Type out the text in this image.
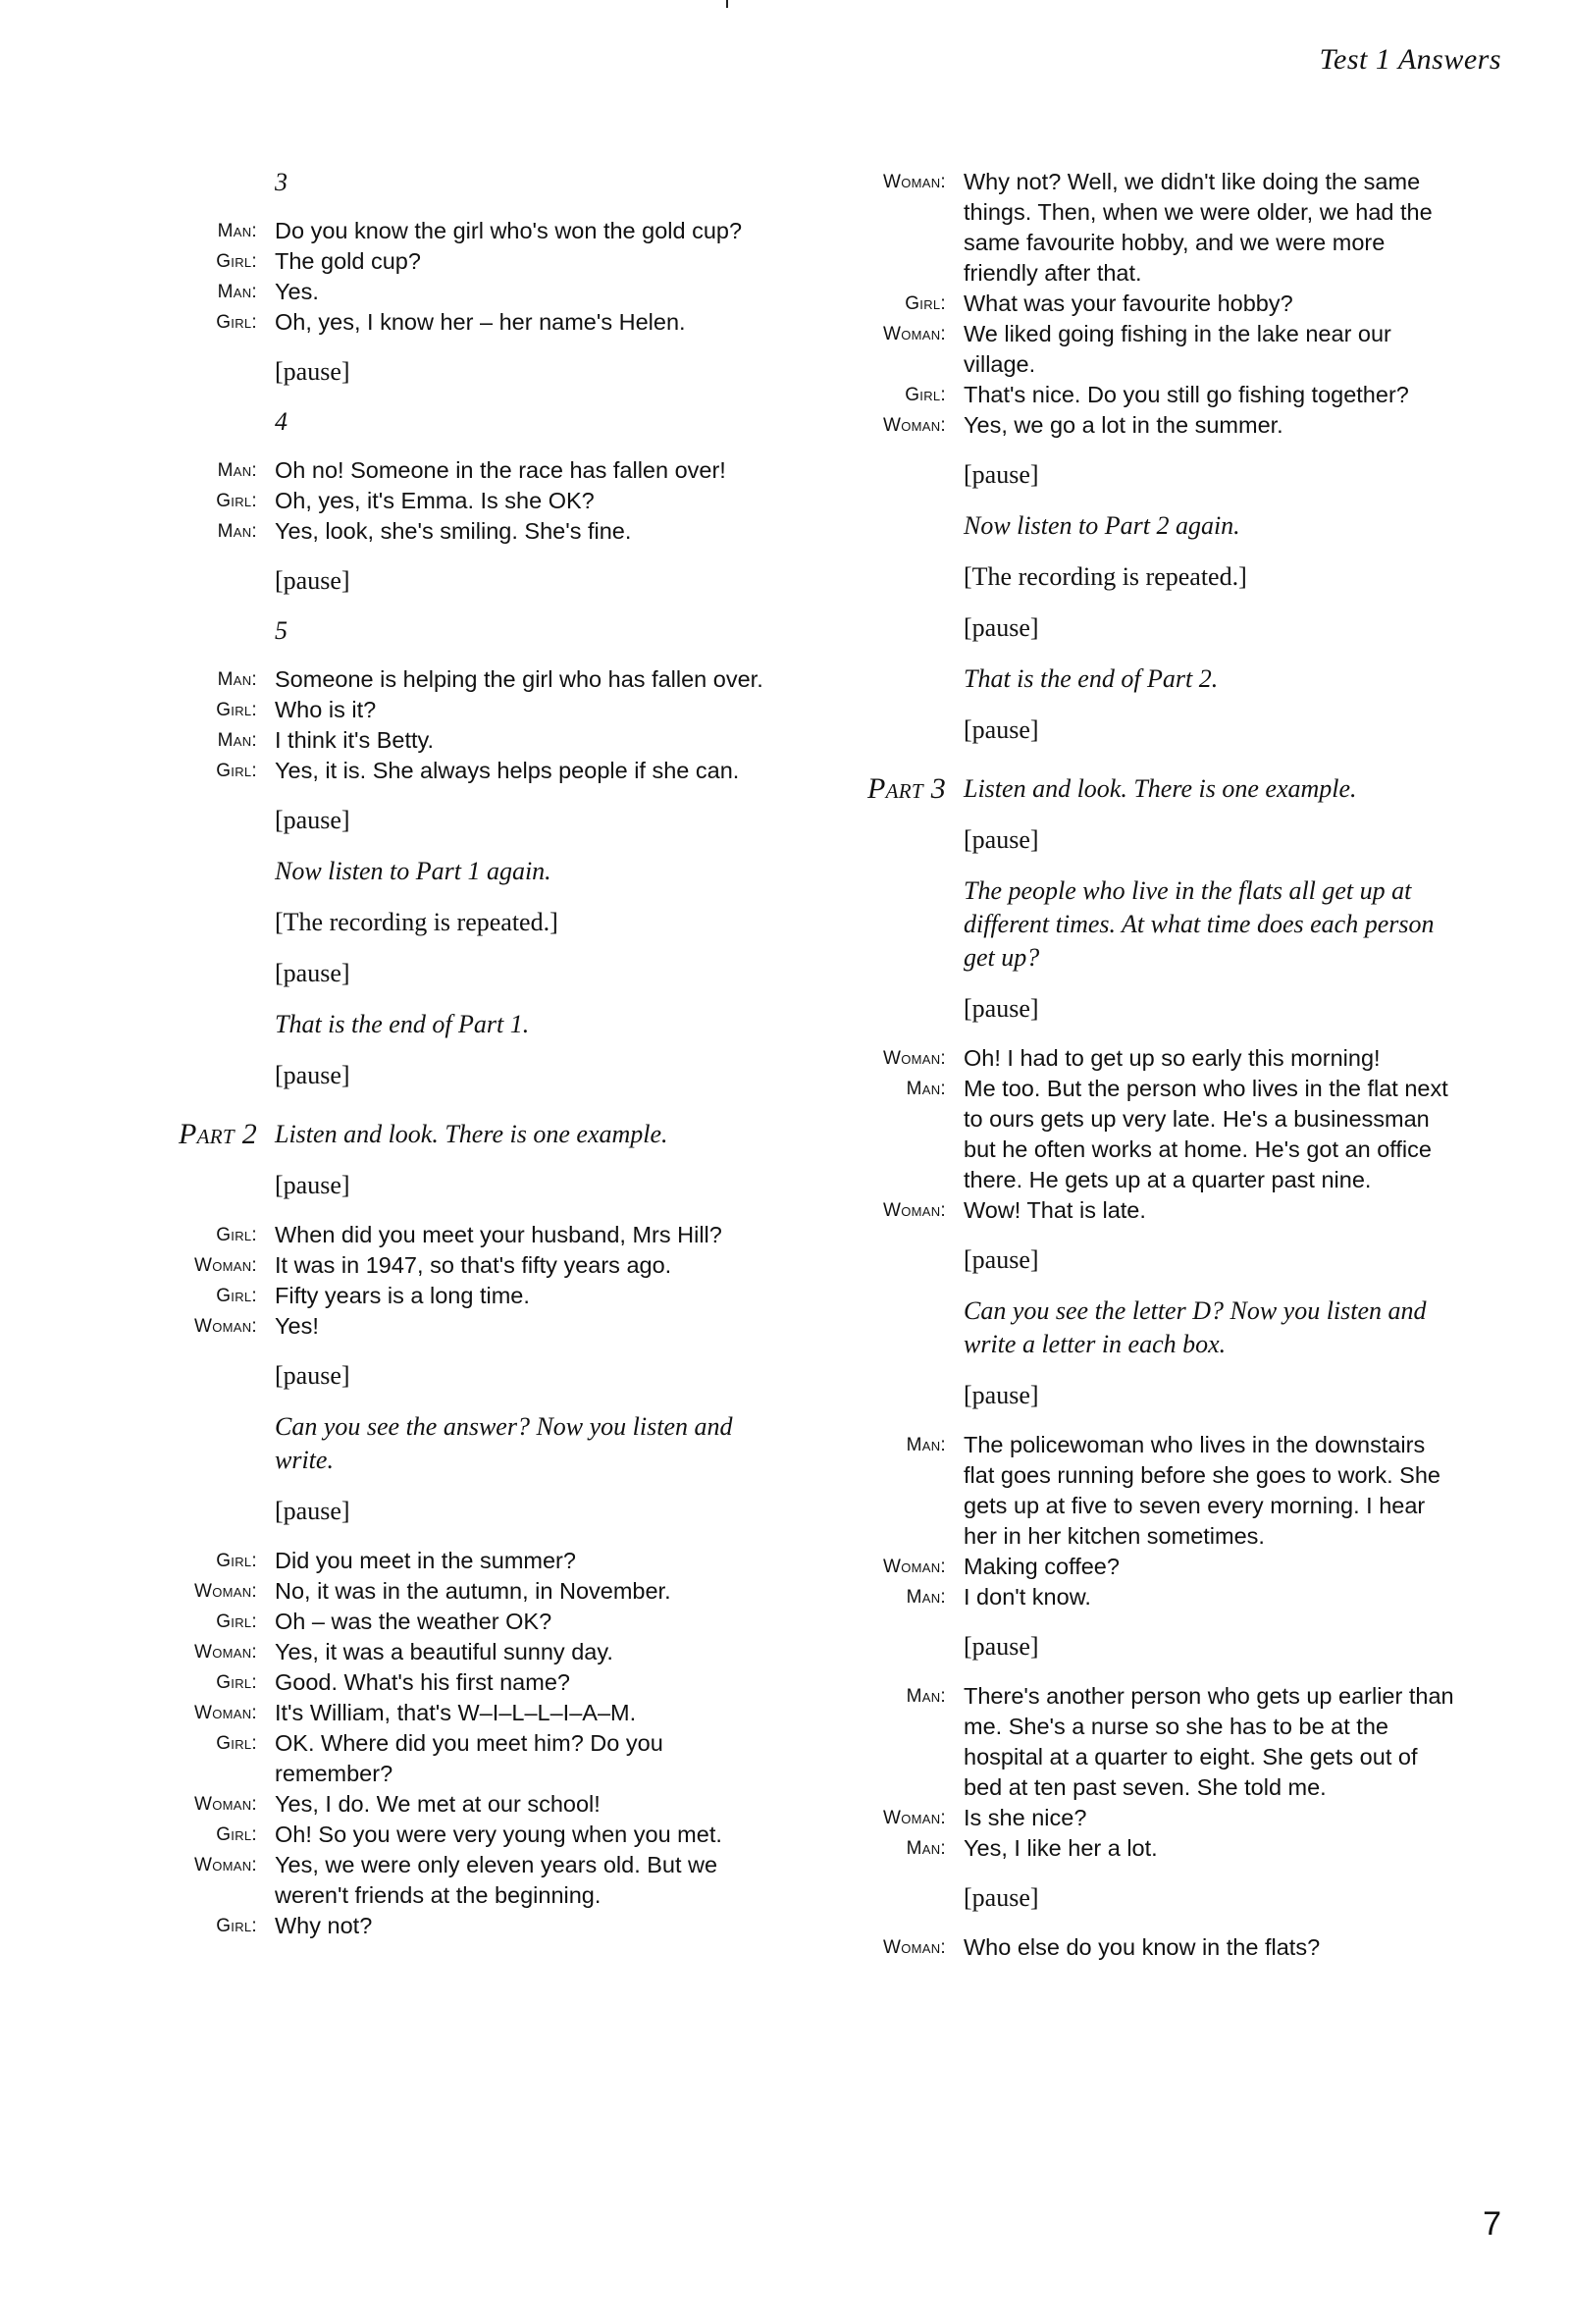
Test 1 Answers
3
Man: Do you know the girl who's won the gold cup?
Girl: The gold cup?
Man: Yes.
Girl: Oh, yes, I know her – her name's Helen.
[pause]
4
Man: Oh no! Someone in the race has fallen over!
Girl: Oh, yes, it's Emma. Is she OK?
Man: Yes, look, she's smiling. She's fine.
[pause]
5
Man: Someone is helping the girl who has fallen over.
Girl: Who is it?
Man: I think it's Betty.
Girl: Yes, it is. She always helps people if she can.
[pause]
Now listen to Part 1 again.
[The recording is repeated.]
[pause]
That is the end of Part 1.
[pause]
Part 2 Listen and look. There is one example.
[pause]
Girl: When did you meet your husband, Mrs Hill?
Woman: It was in 1947, so that's fifty years ago.
Girl: Fifty years is a long time.
Woman: Yes!
[pause]
Can you see the answer? Now you listen and write.
[pause]
Girl: Did you meet in the summer?
Woman: No, it was in the autumn, in November.
Girl: Oh – was the weather OK?
Woman: Yes, it was a beautiful sunny day.
Girl: Good. What's his first name?
Woman: It's William, that's W–I–L–L–I–A–M.
Girl: OK. Where did you meet him? Do you remember?
Woman: Yes, I do. We met at our school!
Girl: Oh! So you were very young when you met.
Woman: Yes, we were only eleven years old. But we weren't friends at the beginning.
Girl: Why not?
Woman: Why not? Well, we didn't like doing the same things. Then, when we were older, we had the same favourite hobby, and we were more friendly after that.
Girl: What was your favourite hobby?
Woman: We liked going fishing in the lake near our village.
Girl: That's nice. Do you still go fishing together?
Woman: Yes, we go a lot in the summer.
[pause]
Now listen to Part 2 again.
[The recording is repeated.]
[pause]
That is the end of Part 2.
[pause]
Part 3 Listen and look. There is one example.
[pause]
The people who live in the flats all get up at different times. At what time does each person get up?
[pause]
Woman: Oh! I had to get up so early this morning!
Man: Me too. But the person who lives in the flat next to ours gets up very late. He's a businessman but he often works at home. He's got an office there. He gets up at a quarter past nine.
Woman: Wow! That is late.
[pause]
Can you see the letter D? Now you listen and write a letter in each box.
[pause]
Man: The policewoman who lives in the downstairs flat goes running before she goes to work. She gets up at five to seven every morning. I hear her in her kitchen sometimes.
Woman: Making coffee?
Man: I don't know.
[pause]
Man: There's another person who gets up earlier than me. She's a nurse so she has to be at the hospital at a quarter to eight. She gets out of bed at ten past seven. She told me.
Woman: Is she nice?
Man: Yes, I like her a lot.
[pause]
Woman: Who else do you know in the flats?
7
